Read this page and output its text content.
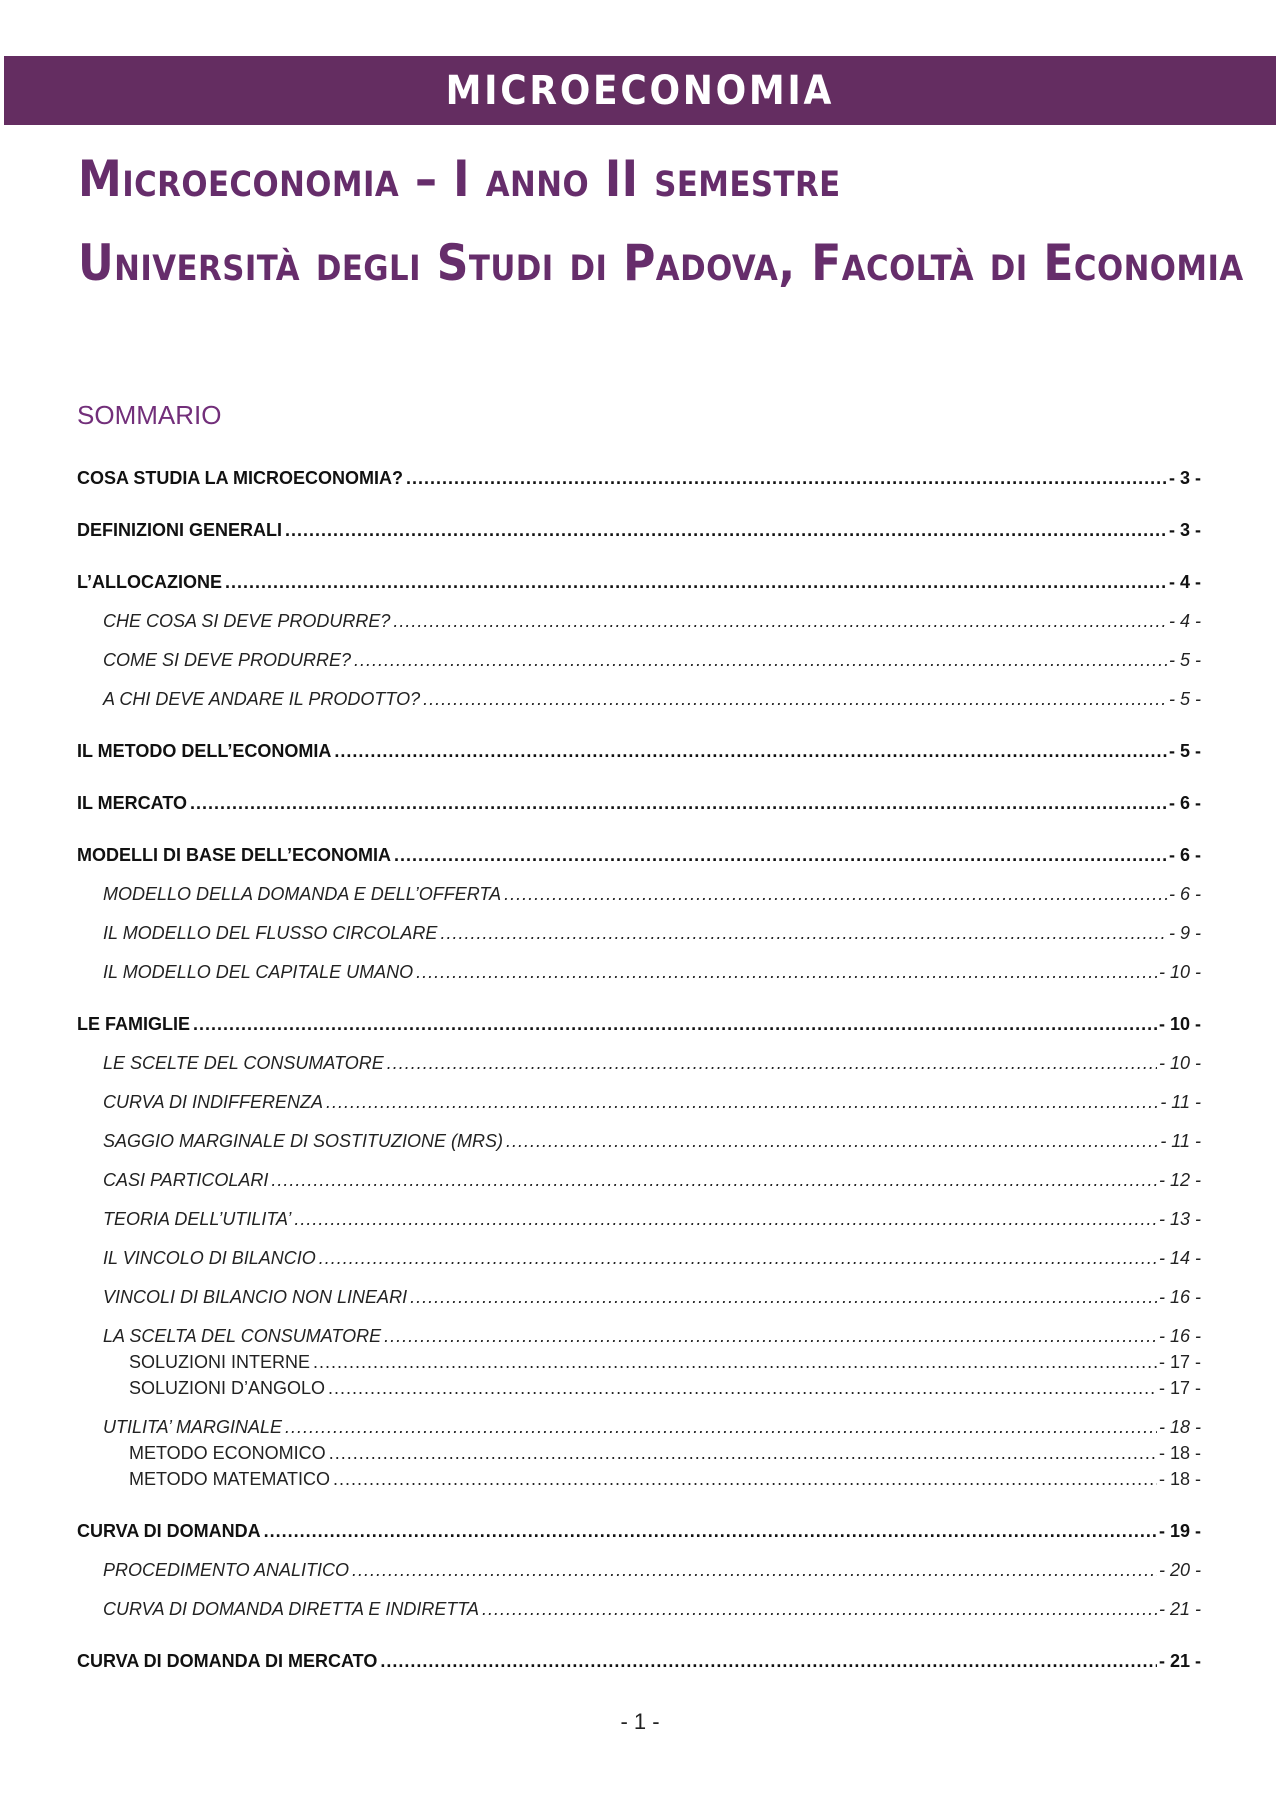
MICROECONOMIA
Microeconomia – I anno II semestre
Università degli Studi di Padova, Facoltà di Economia
SOMMARIO
COSA STUDIA LA MICROECONOMIA? .....	- 3 -
DEFINIZIONI GENERALI .....	- 3 -
L’ALLOCAZIONE .....	- 4 -
CHE COSA SI DEVE PRODURRE? .....	- 4 -
COME SI DEVE PRODURRE? .....	- 5 -
A CHI DEVE ANDARE IL PRODOTTO? .....	- 5 -
IL METODO DELL’ECONOMIA .....	- 5 -
IL MERCATO .....	- 6 -
MODELLI DI BASE DELL’ECONOMIA .....	- 6 -
MODELLO DELLA DOMANDA E DELL’OFFERTA .....	- 6 -
IL MODELLO DEL FLUSSO CIRCOLARE .....	- 9 -
IL MODELLO DEL CAPITALE UMANO .....	- 10 -
LE FAMIGLIE .....	- 10 -
LE SCELTE DEL CONSUMATORE .....	- 10 -
CURVA DI INDIFFERENZA .....	- 11 -
SAGGIO MARGINALE DI SOSTITUZIONE (MRS) .....	- 11 -
CASI PARTICOLARI .....	- 12 -
TEORIA DELL’UTILITA’ .....	- 13 -
IL VINCOLO DI BILANCIO .....	- 14 -
VINCOLI DI BILANCIO NON LINEARI .....	- 16 -
LA SCELTA DEL CONSUMATORE .....	- 16 -
SOLUZIONI INTERNE .....	- 17 -
SOLUZIONI D’ANGOLO .....	- 17 -
UTILITA’ MARGINALE .....	- 18 -
METODO ECONOMICO .....	- 18 -
METODO MATEMATICO .....	- 18 -
CURVA DI DOMANDA .....	- 19 -
PROCEDIMENTO ANALITICO .....	- 20 -
CURVA DI DOMANDA DIRETTA E INDIRETTA .....	- 21 -
CURVA DI DOMANDA DI MERCATO .....	- 21 -
- 1 -
